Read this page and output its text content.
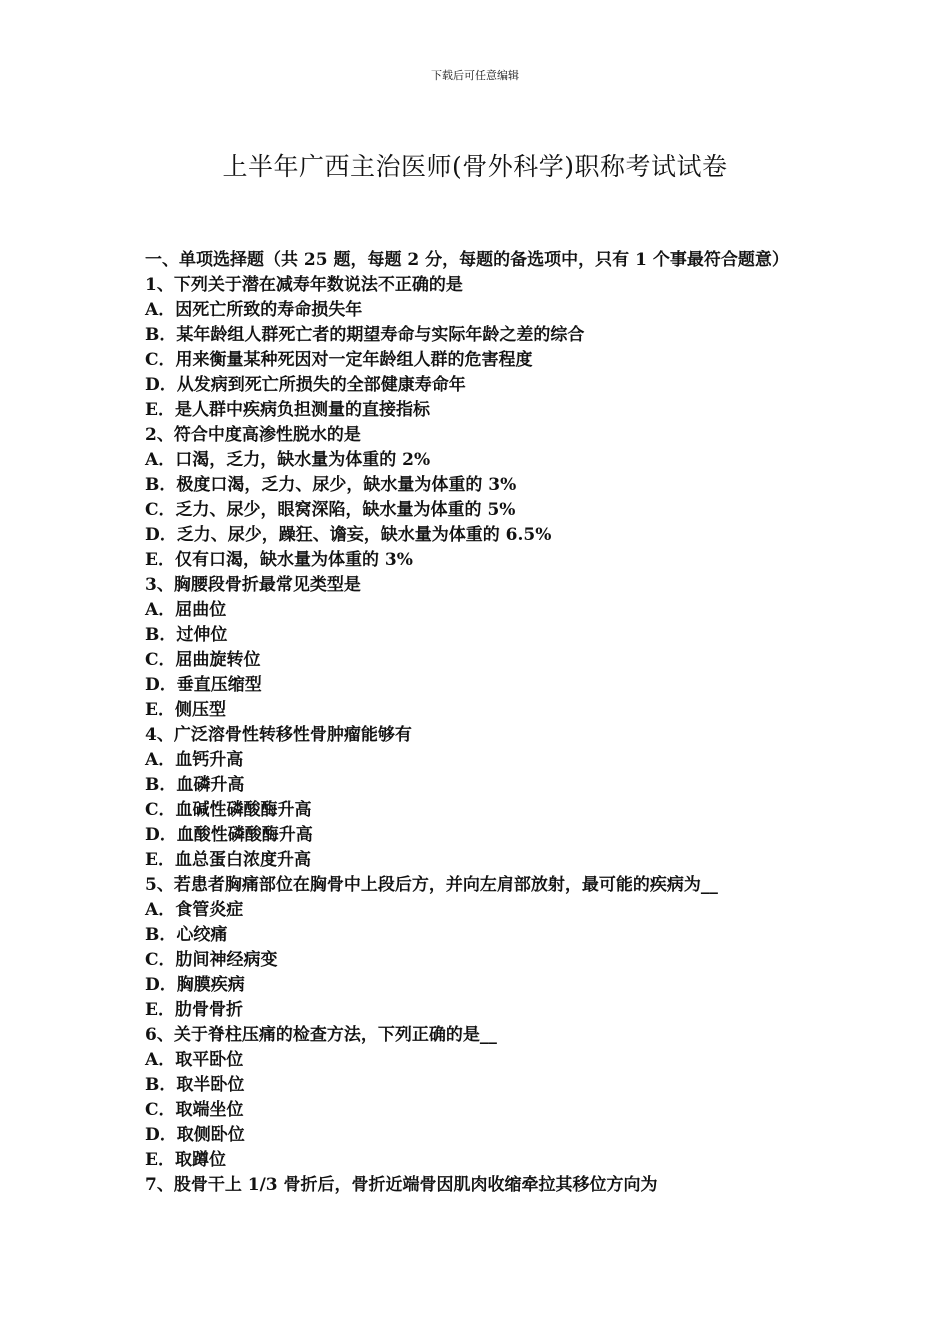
下载后可任意编辑
上半年广西主治医师(骨外科学)职称考试试卷

一、单项选择题（共 25 题，每题 2 分，每题的备选项中，只有 1 个事最符合题意）

1、下列关于潜在减寿年数说法不正确的是

A．因死亡所致的寿命损失年

B．某年龄组人群死亡者的期望寿命与实际年龄之差的综合

C．用来衡量某种死因对一定年龄组人群的危害程度

D．从发病到死亡所损失的全部健康寿命年

E．是人群中疾病负担测量的直接指标

2、符合中度高渗性脱水的是

A．口渴，乏力，缺水量为体重的 2%

B．极度口渴，乏力、尿少，缺水量为体重的 3%

C．乏力、尿少，眼窝深陷，缺水量为体重的 5%

D．乏力、尿少，躁狂、谵妄，缺水量为体重的 6.5%

E．仅有口渴，缺水量为体重的 3%

3、胸腰段骨折最常见类型是

A．屈曲位

B．过伸位

C．屈曲旋转位

D．垂直压缩型

E．侧压型

4、广泛溶骨性转移性骨肿瘤能够有

A．血钙升高

B．血磷升高

C．血碱性磷酸酶升高

D．血酸性磷酸酶升高

E．血总蛋白浓度升高

5、若患者胸痛部位在胸骨中上段后方，并向左肩部放射，最可能的疾病为__

A．食管炎症

B．心绞痛

C．肋间神经病变

D．胸膜疾病

E．肋骨骨折

6、关于脊柱压痛的检查方法，下列正确的是__

A．取平卧位

B．取半卧位

C．取端坐位

D．取侧卧位

E．取蹲位

7、股骨干上 1/3 骨折后，骨折近端骨因肌肉收缩牵拉其移位方向为
